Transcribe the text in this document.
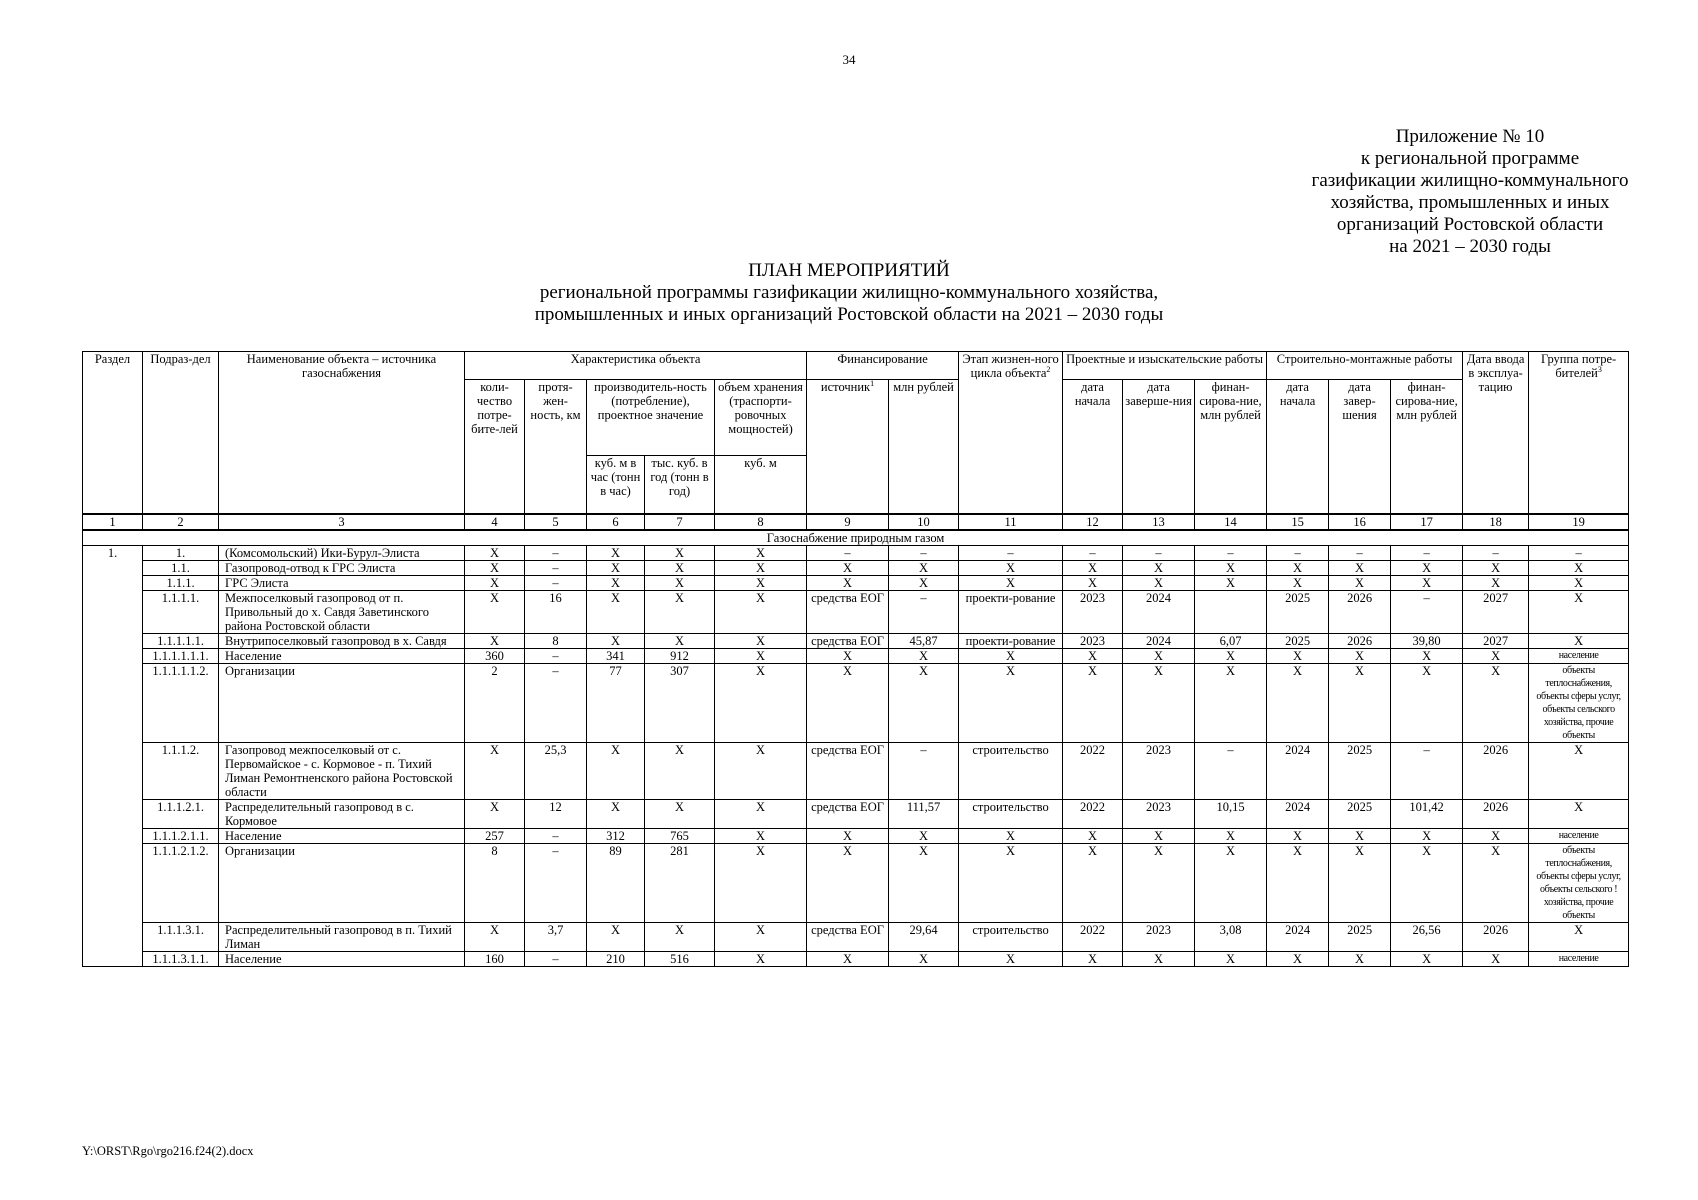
34
Приложение № 10
к региональной программе
газификации жилищно-коммунального
хозяйства, промышленных и иных
организаций Ростовской области
на 2021 – 2030 годы
ПЛАН МЕРОПРИЯТИЙ
региональной программы газификации жилищно-коммунального хозяйства,
промышленных и иных организаций Ростовской области на 2021 – 2030 годы
Раздел	Подраз-дел	Наименование объекта – источника газоснабжения	Характеристика объекта					Финансирование		Этап жизнен-ного цикла объекта$^2$	Проектные и изыскательские работы			Строительно-монтажные работы			Дата ввода в эксплуа-тацию	Группа потре-бителей$^3$
			коли-чество потре-бите-лей	протя-жен-ность, км	производитель-ность (потребление), проектное значение		объем хранения (траспорти-ровочных мощностей)	источник$^1$	млн рублей		дата начала	дата заверше-ния	финан-сирова-ние, млн рублей	дата начала	дата завер-шения	финан-сирова-ние, млн рублей		
					куб. м в час (тонн в час)	тыс. куб. в год (тонн в год)	куб. м											
1	2	3	4	5	6	7	8	9	10	11	12	13	14	15	16	17	18	19
Газоснабжение природным газом																		
1.	1.	(Комсомольский) Ики-Бурул-Элиста	X	–	X	X	X	–	–	–	–	–	–	–	–	–	–	–
	1.1.	Газопровод-отвод к ГРС Элиста	X	–	X	X	X	X	X	X	X	X	X	X	X	X	X	X
	1.1.1.	ГРС Элиста	X	–	X	X	X	X	X	X	X	X	X	X	X	X	X	X
	1.1.1.1.	Межпоселковый газопровод от п. Привольный до х. Савдя Заветинского района Ростовской области	X	16	X	X	X	средства ЕОГ	–	проекти-рование	2023	2024		2025	2026	–	2027	X
	1.1.1.1.1.	Внутрипоселковый газопровод в х. Савдя	X	8	X	X	X	средства ЕОГ	45,87	проекти-рование	2023	2024	6,07	2025	2026	39,80	2027	X
	1.1.1.1.1.1.	Население	360	–	341	912	X	X	X	X	X	X	X	X	X	X	X	население
	1.1.1.1.1.2.	Организации	2	–	77	307	X	X	X	X	X	X	X	X	X	X	X	объекты теплоснабжения, объекты сферы услуг, объекты сельского хозяйства, прочие объекты
	1.1.1.2.	Газопровод межпоселковый от с. Первомайское - с. Кормовое - п. Тихий Лиман Ремонтненского района Ростовской области	X	25,3	X	X	X	средства ЕОГ	–	строительство	2022	2023	–	2024	2025	–	2026	X
	1.1.1.2.1.	Распределительный газопровод в с. Кормовое	X	12	X	X	X	средства ЕОГ	111,57	строительство	2022	2023	10,15	2024	2025	101,42	2026	X
	1.1.1.2.1.1.	Население	257	–	312	765	X	X	X	X	X	X	X	X	X	X	X	население
	1.1.1.2.1.2.	Организации	8	–	89	281	X	X	X	X	X	X	X	X	X	X	X	объекты теплоснабжения, объекты сферы услуг, объекты сельского !хозяйства, прочие объекты
	1.1.1.3.1.	Распределительный газопровод в п. Тихий Лиман	X	3,7	X	X	X	средства ЕОГ	29,64	строительство	2022	2023	3,08	2024	2025	26,56	2026	X
	1.1.1.3.1.1.	Население	160	–	210	516	X	X	X	X	X	X	X	X	X	X	X	население
Y:\ORST\Rgo\rgo216.f24(2).docx
